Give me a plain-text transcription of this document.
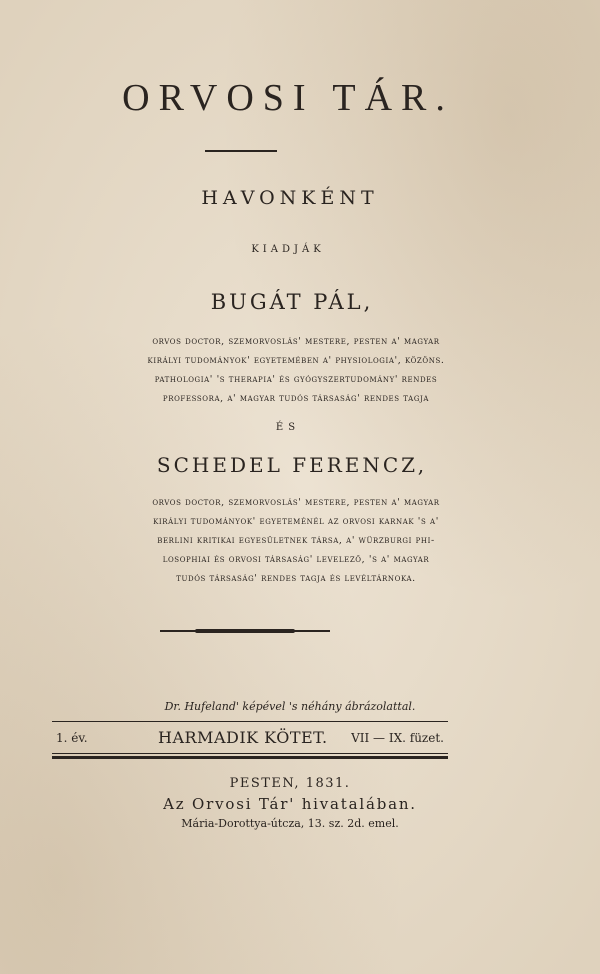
ORVOSI TÁR.
HAVONKÉNT
KIADJÁK
BUGÁT PÁL,
orvos doctor, szemorvoslás' mestere, pesten a' magyar
királyi tudományok' egyetemében a' physiologia', közöns.
pathologia' 's therapia' és gyógyszertudomány' rendes
professora, a' magyar tudós társaság' rendes tagja
ÉS
SCHEDEL FERENCZ,
orvos doctor, szemorvoslás' mestere, pesten a' magyar
királyi tudományok' egyeteménél az orvosi karnak 's a'
berlini kritikai egyesületnek társa, a' würzburgi phi-
losophiai és orvosi társaság' levelező, 's a' magyar
tudós társaság' rendes tagja és levéltárnoka.
Dr. Hufeland' képével 's néhány ábrázolattal.
1. év.	HARMADIK KÖTET. VII — IX. füzet.
PESTEN, 1831.
Az Orvosi Tár' hivatalában.
Mária-Dorottya-útcza, 13. sz. 2d. emel.
